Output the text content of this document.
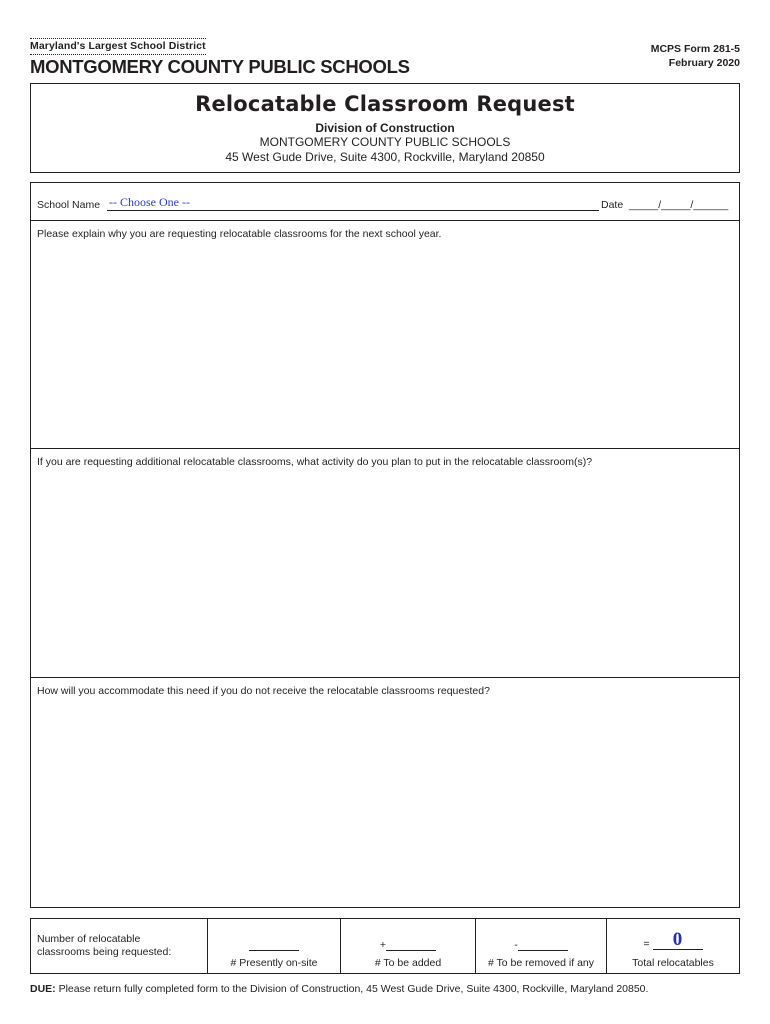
Maryland's Largest School District
MONTGOMERY COUNTY PUBLIC SCHOOLS
MCPS Form 281-5
February 2020
Relocatable Classroom Request
Division of Construction
MONTGOMERY COUNTY PUBLIC SCHOOLS
45 West Gude Drive, Suite 4300, Rockville, Maryland 20850
School Name -- Choose One --	Date _____/_____/______
Please explain why you are requesting relocatable classrooms for the next school year.
If you are requesting additional relocatable classrooms, what activity do you plan to put in the relocatable classroom(s)?
How will you accommodate this need if you do not receive the relocatable classrooms requested?
Number of relocatable
classrooms being requested:
# Presently on-site
+
# To be added
-
# To be removed if any
= 0
Total relocatables
DUE: Please return fully completed form to the Division of Construction, 45 West Gude Drive, Suite 4300, Rockville, Maryland 20850.
